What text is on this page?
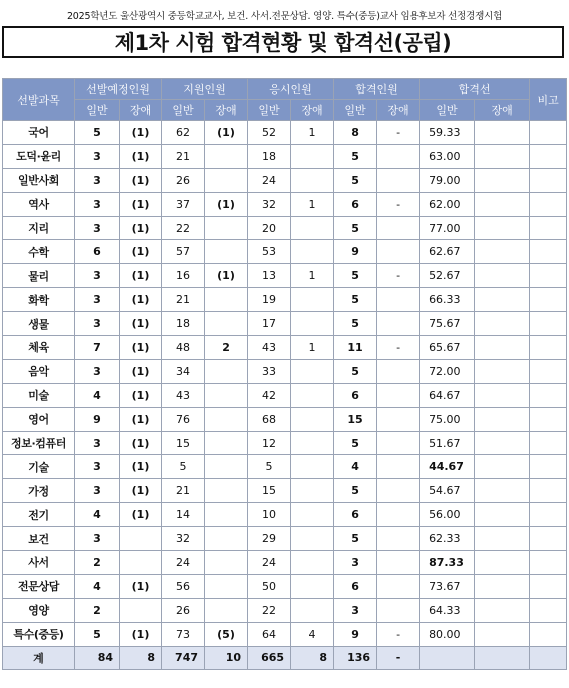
2025학년도 울산광역시 중등학교교사, 보건. 사서.전문상담. 영양. 특수(중등)교사 임용후보자 선정경쟁시험
제1차 시험 합격현황 및 합격선(공립)
선발과목	선발예정인원		지원인원		응시인원		합격인원		합격선		비고
	일반	장애	일반	장애	일반	장애	일반	장애	일반	장애	
국어	5	(1)	62	(1)	52	1	8	-	59.33		
도덕·윤리	3	(1)	21		18		5		63.00		
일반사회	3	(1)	26		24		5		79.00		
역사	3	(1)	37	(1)	32	1	6	-	62.00		
지리	3	(1)	22		20		5		77.00		
수학	6	(1)	57		53		9		62.67		
물리	3	(1)	16	(1)	13	1	5	-	52.67		
화학	3	(1)	21		19		5		66.33		
생물	3	(1)	18		17		5		75.67		
체육	7	(1)	48	2	43	1	11	-	65.67		
음악	3	(1)	34		33		5		72.00		
미술	4	(1)	43		42		6		64.67		
영어	9	(1)	76		68		15		75.00		
정보·컴퓨터	3	(1)	15		12		5		51.67		
기술	3	(1)	5		5		4		44.67		
가정	3	(1)	21		15		5		54.67		
전기	4	(1)	14		10		6		56.00		
보건	3		32		29		5		62.33		
사서	2		24		24		3		87.33		
전문상담	4	(1)	56		50		6		73.67		
영양	2		26		22		3		64.33		
특수(중등)	5	(1)	73	(5)	64	4	9	-	80.00		
계	84	8	747	10	665	8	136	-			
